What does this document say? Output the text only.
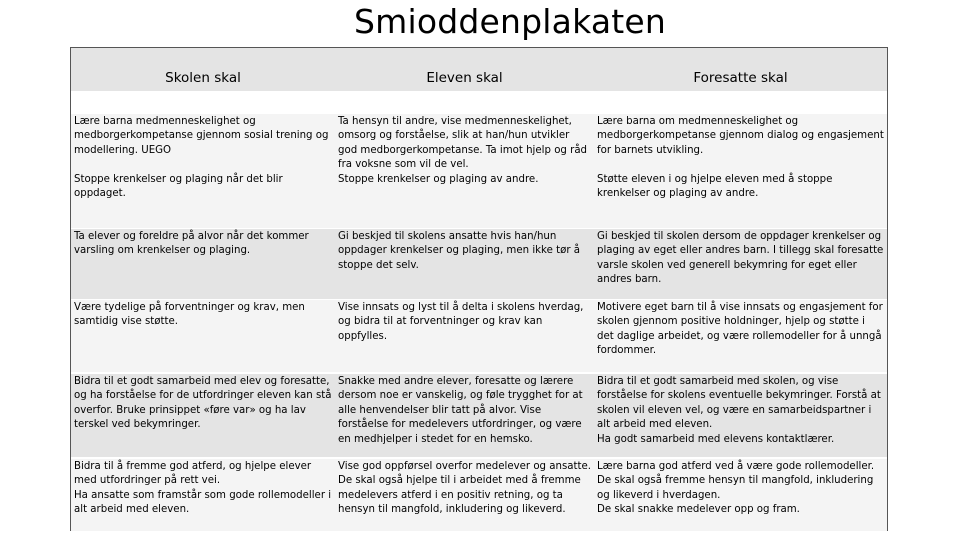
Smioddenplakaten
Skolen skal	Eleven skal	Foresatte skal
Lære barna medmenneskelighet og medborgerkompetanse gjennom sosial trening og modellering. UEGO

Stoppe krenkelser og plaging når det blir oppdaget.
Ta hensyn til andre, vise medmenneskelighet, omsorg og forståelse, slik at han/hun utvikler god medborgerkompetanse. Ta imot hjelp og råd fra voksne som vil de vel.
Stoppe krenkelser og plaging av andre.
Lære barna om medmenneskelighet og medborgerkompetanse gjennom dialog og engasjement for barnets utvikling.

Støtte eleven i og hjelpe eleven med å stoppe krenkelser og plaging av andre.
Ta elever og foreldre på alvor når det kommer varsling om krenkelser og plaging.
Gi beskjed til skolens ansatte hvis han/hun oppdager krenkelser og plaging, men ikke tør å stoppe det selv.
Gi beskjed til skolen dersom de oppdager krenkelser og plaging av eget eller andres barn. I tillegg skal foresatte varsle skolen ved generell bekymring for eget eller andres barn.
Være tydelige på forventninger og krav, men samtidig vise støtte.
Vise innsats og lyst til å delta i skolens hverdag, og bidra til at forventninger og krav kan oppfylles.
Motivere eget barn til å vise innsats og engasjement for skolen gjennom positive holdninger, hjelp og støtte i det daglige arbeidet, og være rollemodeller for å unngå fordommer.
Bidra til et godt samarbeid med elev og foresatte, og ha forståelse for de utfordringer eleven kan stå overfor. Bruke prinsippet «føre var» og ha lav terskel ved bekymringer.
Snakke med andre elever, foresatte og lærere dersom noe er vanskelig, og føle trygghet for at alle henvendelser blir tatt på alvor. Vise forståelse for medelevers utfordringer, og være en medhjelper i stedet for en hemsko.
Bidra til et godt samarbeid med skolen, og vise forståelse for skolens eventuelle bekymringer. Forstå at skolen vil eleven vel, og være en samarbeidspartner i alt arbeid med eleven.
Ha godt samarbeid med elevens kontaktlærer.
Bidra til å fremme god atferd, og hjelpe elever med utfordringer på rett vei.
Ha ansatte som framstår som gode rollemodeller i alt arbeid med eleven.
Vise god oppførsel overfor medelever og ansatte. De skal også hjelpe til i arbeidet med å fremme medelevers atferd i en positiv retning, og ta hensyn til mangfold, inkludering og likeverd.
Lære barna god atferd ved å være gode rollemodeller. De skal også fremme hensyn til mangfold, inkludering og likeverd i hverdagen.
De skal snakke medelever opp og fram.
